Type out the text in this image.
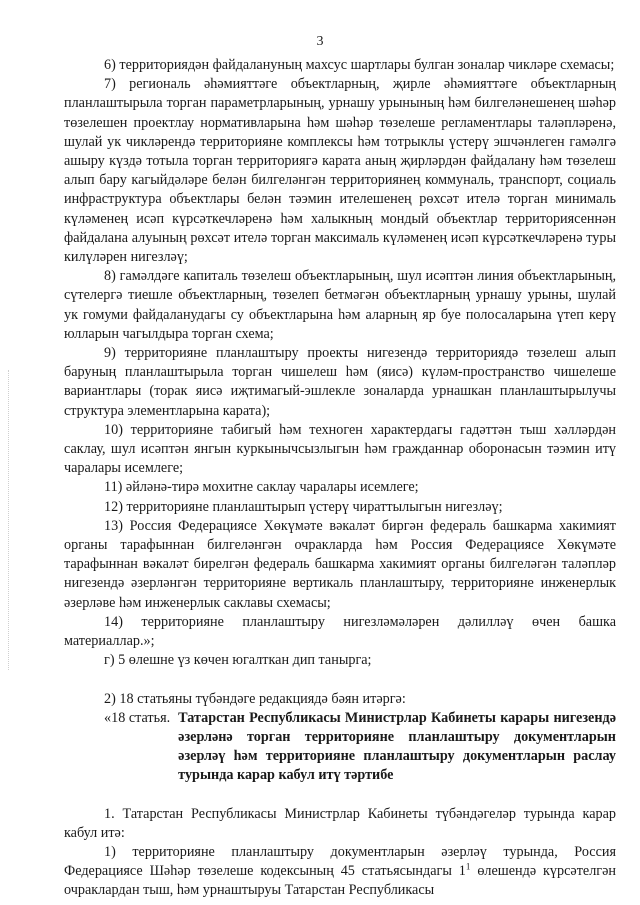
3

6) территориядән файдалануның махсус шартлары булган зоналар чикләре схемасы;

7) региональ әһәмияттәге объектларның, җирле әһәмияттәге объектларның планлаштырыла торган параметрларының, урнашу урынының һәм билгеләнешенең шәһәр төзелешен проектлау нормативларына һәм шәһәр төзелеше регламентлары таләпләренә, шулай ук чикләрендә территорияне комплексы һәм тотрыклы үстерү эшчәнлеген гамәлгә ашыру күздә тотыла торган территориягә карата аның җирләрдән файдалану һәм төзелеш алып бару кагыйдәләре белән билгеләнгән территориянең коммуналь, транспорт, социаль инфраструктура объектлары белән тәэмин ителешенең рөхсәт ителә торган минималь күләменең исәп күрсәткечләренә һәм халыкның мондый объектлар территориясеннән файдалана алуының рөхсәт ителә торган максималь күләменең исәп күрсәткечләренә туры килүләрен нигезләү;

8) гамәлдәге капиталь төзелеш объектларының, шул исәптән линия объектларының, сүтелергә тиешле объектларның, төзелеп бетмәгән объектларның урнашу урыны, шулай ук гомуми файдаланудагы су объектларына һәм аларның яр буе полосаларына үтеп керү юлларын чагылдыра торган схема;

9) территорияне планлаштыру проекты нигезендә территориядә төзелеш алып баруның планлаштырыла торган чишелеш һәм (яисә) күләм-пространство чишелеше вариантлары (торак яисә иҗтимагый-эшлекле зоналарда урнашкан планлаштырылучы структура элементларына карата);

10) территорияне табигый һәм техноген характердагы гадәттән тыш хәлләрдән саклау, шул исәптән янгын куркынычсызлыгын һәм гражданнар оборонасын тәэмин итү чаралары исемлеге;

11) әйләнә-тирә мохитне саклау чаралары исемлеге;

12) территорияне планлаштырып үстерү чираттылыгын нигезләү;

13) Россия Федерациясе Хөкүмәте вәкаләт биргән федераль башкарма хакимият органы тарафыннан билгеләнгән очракларда һәм Россия Федерациясе Хөкүмәте тарафыннан вәкаләт бирелгән федераль башкарма хакимият органы билгеләгән таләпләр нигезендә әзерләнгән территорияне вертикаль планлаштыру, территорияне инженерлык әзерләве һәм инженерлык саклавы схемасы;

14) территорияне планлаштыру нигезләмәләрен дәлилләү өчен башка материаллар.»;

г) 5 өлешне үз көчен югалткан дип танырга;

2) 18 статьяны түбәндәге редакциядә бәян итәргә:

«18 статья. Татарстан Республикасы Министрлар Кабинеты карары нигезендә әзерләнә торган территорияне планлаштыру документларын әзерләү һәм территорияне планлаштыру документларын раслау турында карар кабул итү тәртибе

1. Татарстан Республикасы Министрлар Кабинеты түбәндәгеләр турында карар кабул итә:

1) территорияне планлаштыру документларын әзерләү турында, Россия Федерациясе Шәһәр төзелеше кодексының 45 статьясындагы $1^1$ өлешендә күрсәтелгән очраклардан тыш, һәм урнаштыруы Татарстан Республикасы
